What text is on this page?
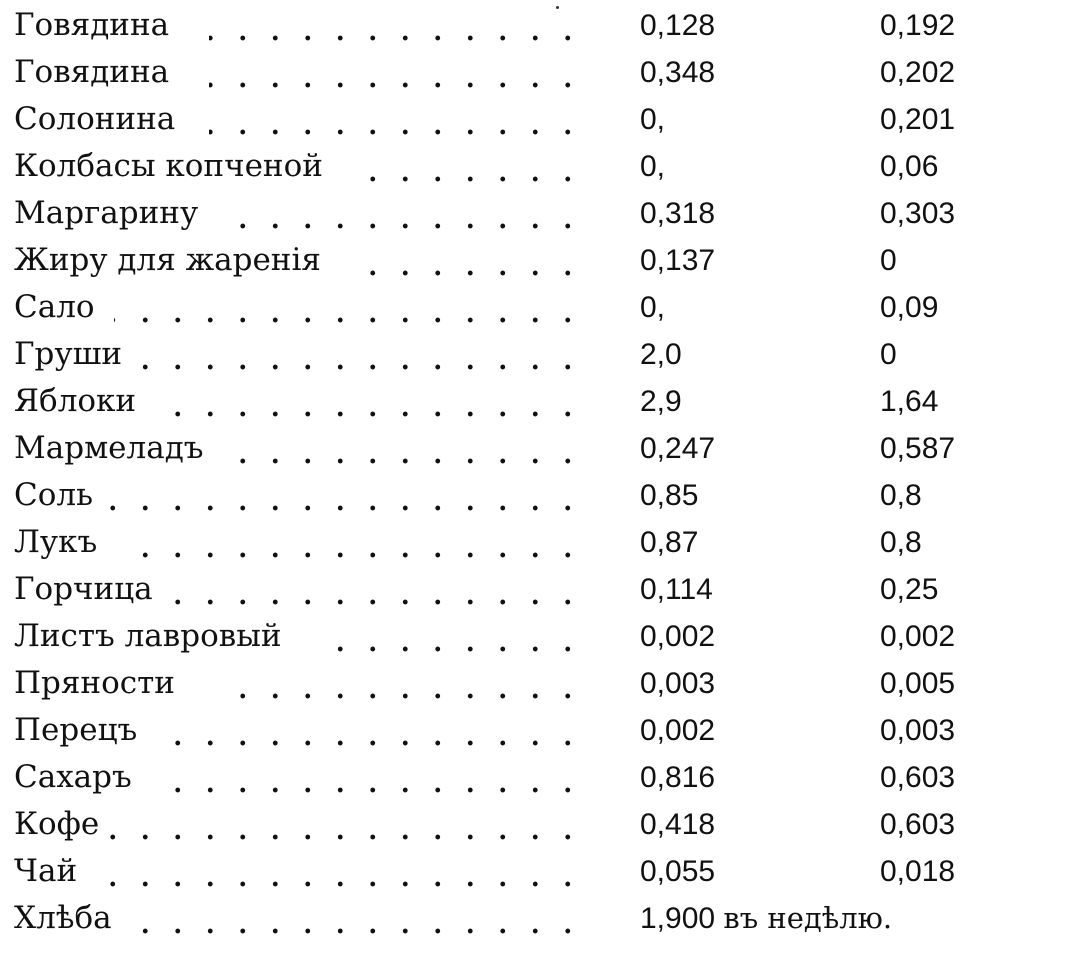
Говядина	0,128	0,192
Говядина	0,348	0,202
Солонина	0,	0,201
Колбасы копченой	0,	0,06
Маргарину	0,318	0,303
Жиру для жаренія	0,137	0
Сало	0,	0,09
Груши	2,0	0
Яблоки	2,9	1,64
Мармеладъ	0,247	0,587
Соль	0,85	0,8
Лукъ	0,87	0,8
Горчица	0,114	0,25
Листъ лавровый	0,002	0,002
Пряности	0,003	0,005
Перецъ	0,002	0,003
Сахаръ	0,816	0,603
Кофе	0,418	0,603
Чай	0,055	0,018
Хлѣба	1,900 въ недѣлю.
